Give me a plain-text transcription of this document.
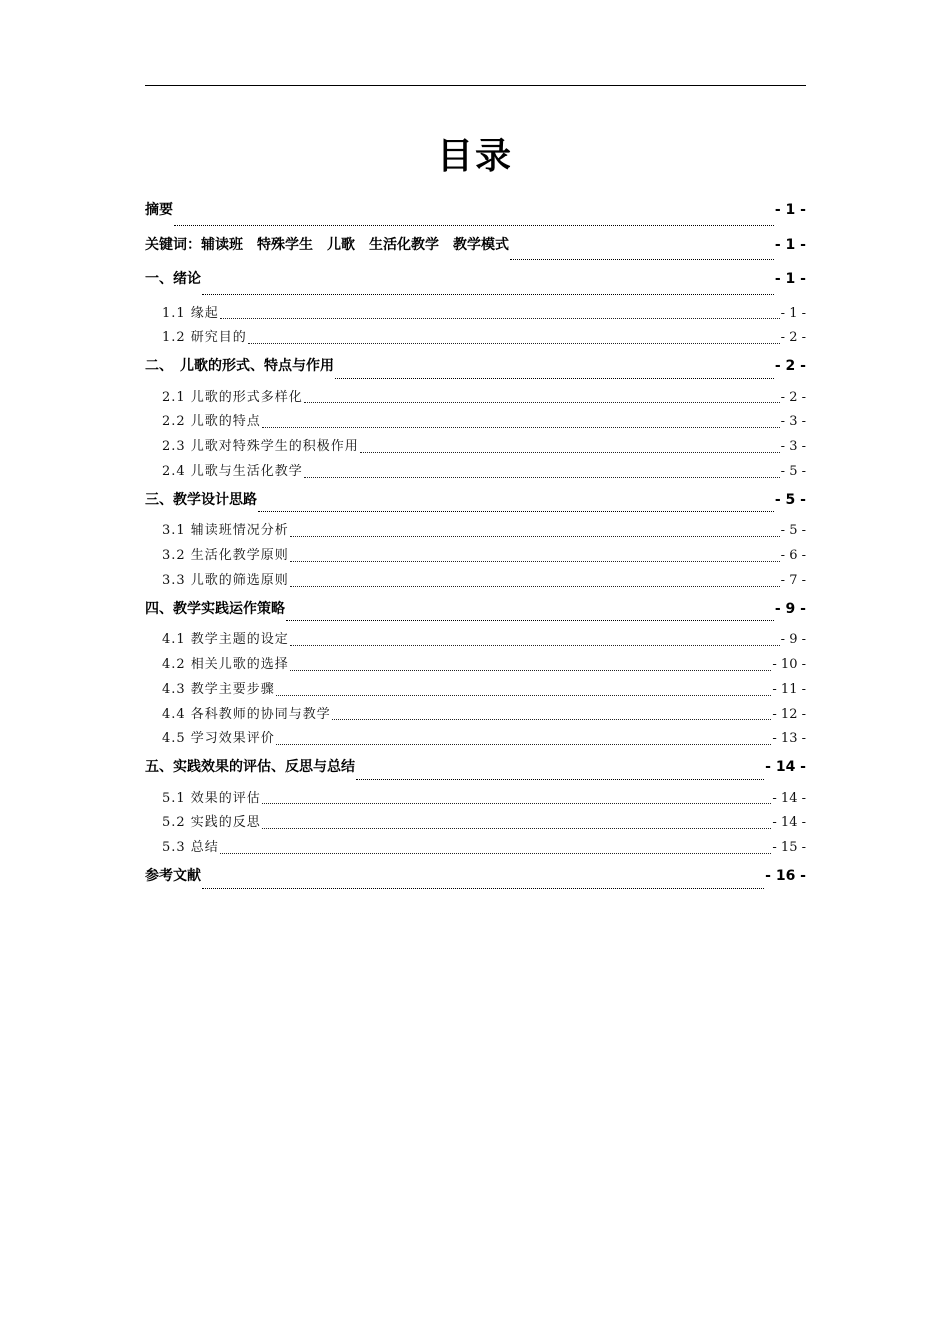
目录
摘要	- 1 -
关键词：辅读班　特殊学生　儿歌　生活化教学　教学模式	- 1 -
一、绪论	- 1 -
1.1 缘起	- 1 -
1.2 研究目的	- 2 -
二、　儿歌的形式、特点与作用	- 2 -
2.1 儿歌的形式多样化	- 2 -
2.2 儿歌的特点	- 3 -
2.3 儿歌对特殊学生的积极作用	- 3 -
2.4 儿歌与生活化教学	- 5 -
三、教学设计思路	- 5 -
3.1 辅读班情况分析	- 5 -
3.2 生活化教学原则	- 6 -
3.3 儿歌的筛选原则	- 7 -
四、教学实践运作策略	- 9 -
4.1 教学主题的设定	- 9 -
4.2 相关儿歌的选择	- 10 -
4.3 教学主要步骤	- 11 -
4.4 各科教师的协同与教学	- 12 -
4.5 学习效果评价	- 13 -
五、实践效果的评估、反思与总结	- 14 -
5.1 效果的评估	- 14 -
5.2 实践的反思	- 14 -
5.3 总结	- 15 -
参考文献	- 16 -
